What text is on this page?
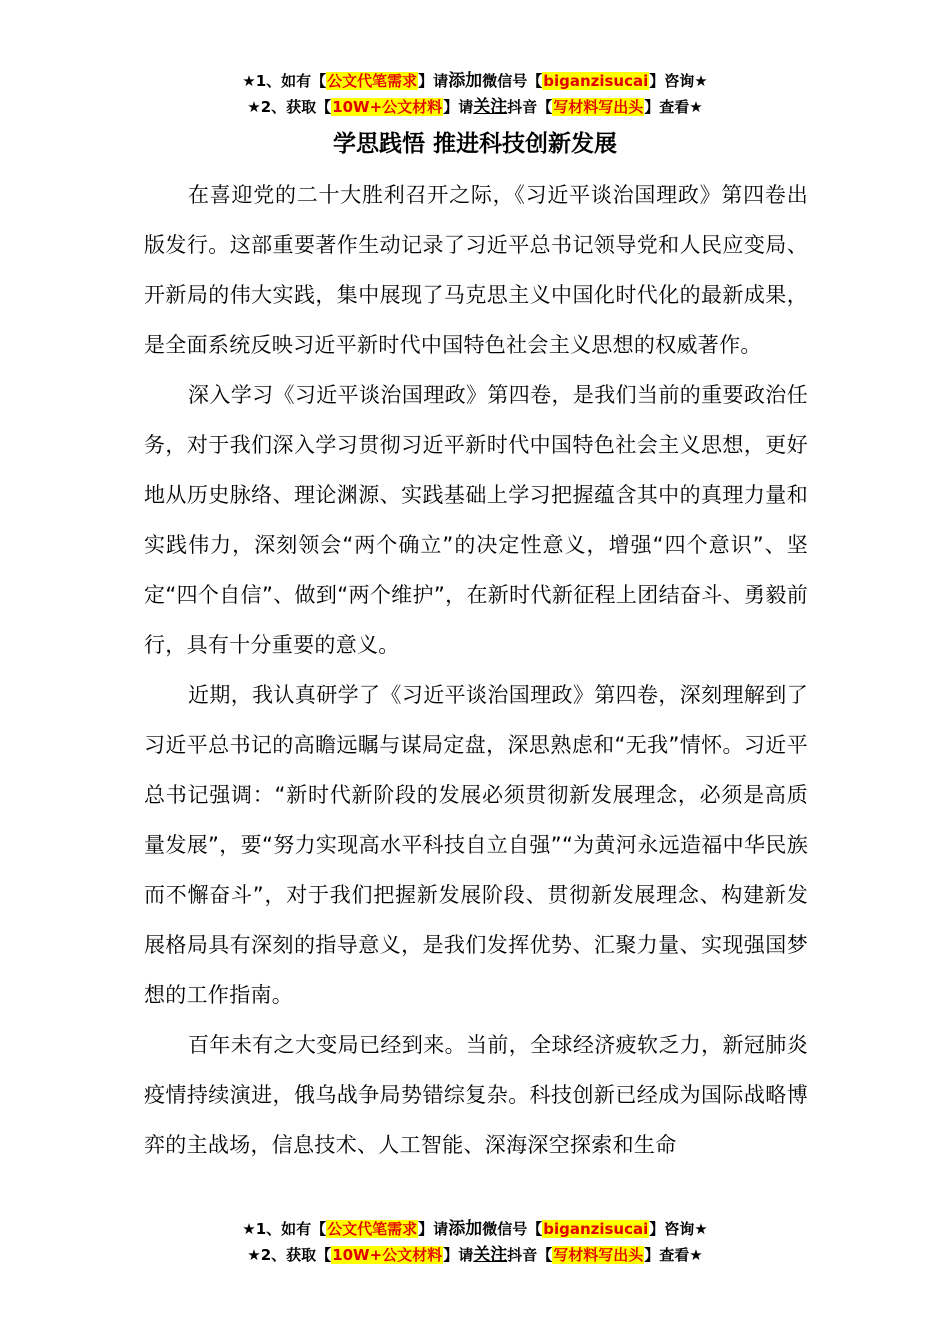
★1、如有【公文代笔需求】请添加微信号【biganzisucai】咨询★
★2、获取【10W+公文材料】请关注抖音【写材料写出头】查看★
学思践悟 推进科技创新发展

在喜迎党的二十大胜利召开之际，《习近平谈治国理政》第四卷出版发行。这部重要著作生动记录了习近平总书记领导党和人民应变局、开新局的伟大实践，集中展现了马克思主义中国化时代化的最新成果，是全面系统反映习近平新时代中国特色社会主义思想的权威著作。

深入学习《习近平谈治国理政》第四卷，是我们当前的重要政治任务，对于我们深入学习贯彻习近平新时代中国特色社会主义思想，更好地从历史脉络、理论渊源、实践基础上学习把握蕴含其中的真理力量和实践伟力，深刻领会“两个确立”的决定性意义，增强“四个意识”、坚定“四个自信”、做到“两个维护”，在新时代新征程上团结奋斗、勇毅前行，具有十分重要的意义。

近期，我认真研学了《习近平谈治国理政》第四卷，深刻理解到了习近平总书记的高瞻远瞩与谋局定盘，深思熟虑和“无我”情怀。习近平总书记强调：“新时代新阶段的发展必须贯彻新发展理念，必须是高质量发展”，要“努力实现高水平科技自立自强”“为黄河永远造福中华民族而不懈奋斗”，对于我们把握新发展阶段、贯彻新发展理念、构建新发展格局具有深刻的指导意义，是我们发挥优势、汇聚力量、实现强国梦想的工作指南。

百年未有之大变局已经到来。当前，全球经济疲软乏力，新冠肺炎疫情持续演进，俄乌战争局势错综复杂。科技创新已经成为国际战略博弈的主战场，信息技术、人工智能、深海深空探索和生命

★1、如有【公文代笔需求】请添加微信号【biganzisucai】咨询★
★2、获取【10W+公文材料】请关注抖音【写材料写出头】查看★
